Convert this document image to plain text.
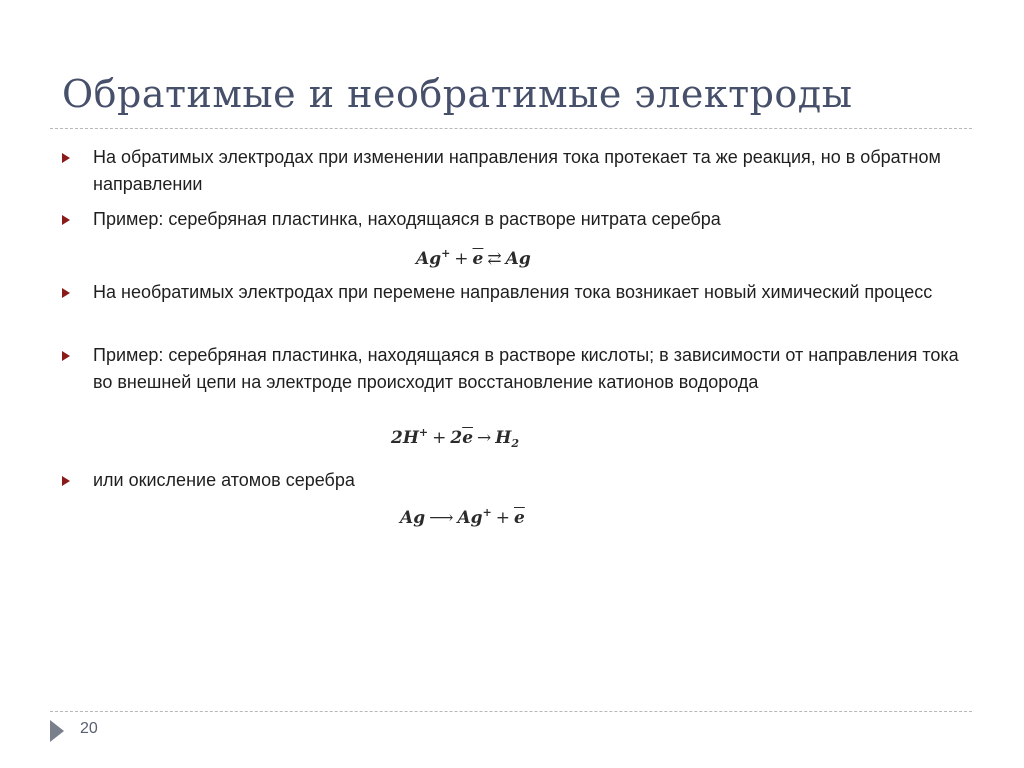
Обратимые и необратимые электроды

На обратимых электродах при изменении направления тока протекает та же реакция, но в обратном направлении

Пример: серебряная пластинка, находящаяся в растворе нитрата серебра

$Ag^+ + \overline{e}$ ⇄ Ag

На необратимых электродах при перемене направления тока возникает новый химический процесс

Пример: серебряная пластинка, находящаяся в растворе кислоты; в зависимости от направления тока во внешней цепи на электроде происходит восстановление катионов водорода

$2H^+ + 2\overline{e} \to H_2$

или окисление атомов серебра

Ag ⟶ $Ag^+ + \overline{e}$
20
